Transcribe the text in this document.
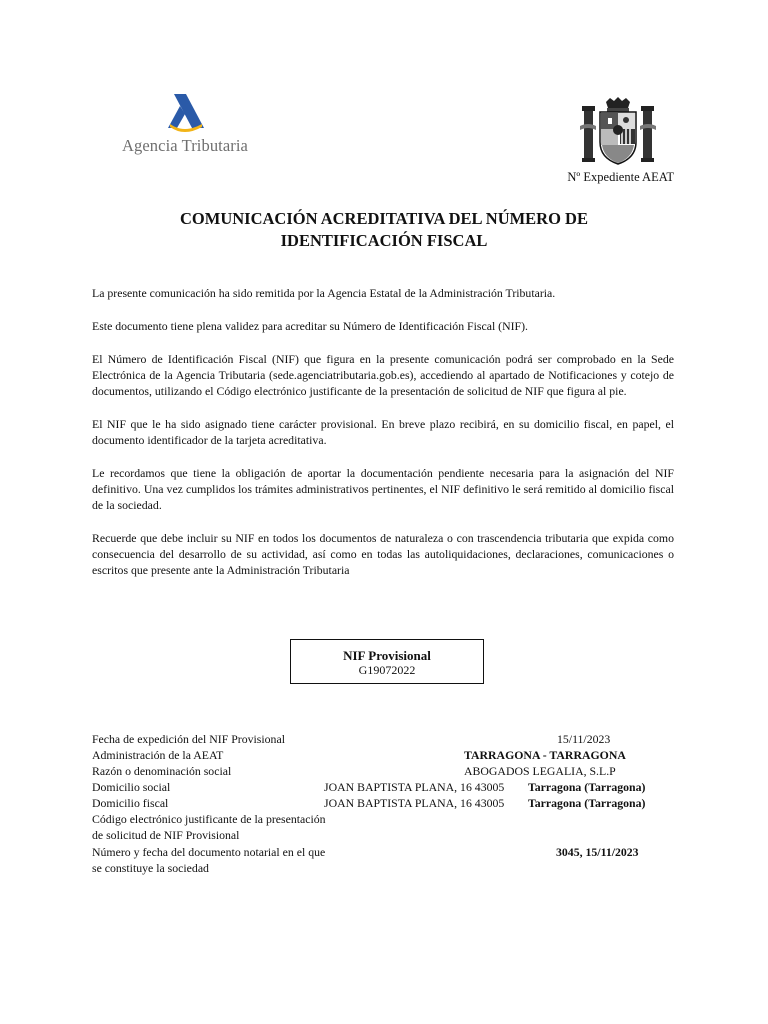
Agencia Tributaria
Nº Expediente AEAT
COMUNICACIÓN ACREDITATIVA DEL NÚMERO DE
IDENTIFICACIÓN FISCAL

La presente comunicación ha sido remitida por la Agencia Estatal de la Administración Tributaria.

Este documento tiene plena validez para acreditar su Número de Identificación Fiscal (NIF).

El Número de Identificación Fiscal (NIF) que figura en la presente comunicación podrá ser comprobado en la Sede Electrónica de la Agencia Tributaria (sede.agenciatributaria.gob.es), accediendo al apartado de Notificaciones y cotejo de documentos, utilizando el Código electrónico justificante de la presentación de solicitud de NIF que figura al pie.

El NIF que le ha sido asignado tiene carácter provisional. En breve plazo recibirá, en su domicilio fiscal, en papel, el documento identificador de la tarjeta acreditativa.

Le recordamos que tiene la obligación de aportar la documentación pendiente necesaria para la asignación del NIF definitivo. Una vez cumplidos los trámites administrativos pertinentes, el NIF definitivo le será remitido al domicilio fiscal de la sociedad.

Recuerde que debe incluir su NIF en todos los documentos de naturaleza o con trascendencia tributaria que expida como consecuencia del desarrollo de su actividad, así como en todas las autoliquidaciones, declaraciones, comunicaciones o escritos que presente ante la Administración Tributaria

NIF Provisional
G19072022
Fecha de expedición del NIF Provisional	15/11/2023
Administración de la AEAT	TARRAGONA - TARRAGONA
Razón o denominación social	ABOGADOS LEGALIA, S.L.P
Domicilio social	JOAN BAPTISTA PLANA, 16 43005 Tarragona (Tarragona)
Domicilio fiscal	JOAN BAPTISTA PLANA, 16 43005 Tarragona (Tarragona)
Código electrónico justificante de la presentación
de solicitud de NIF Provisional
Número y fecha del documento notarial en el que	3045, 15/11/2023
se constituye la sociedad
